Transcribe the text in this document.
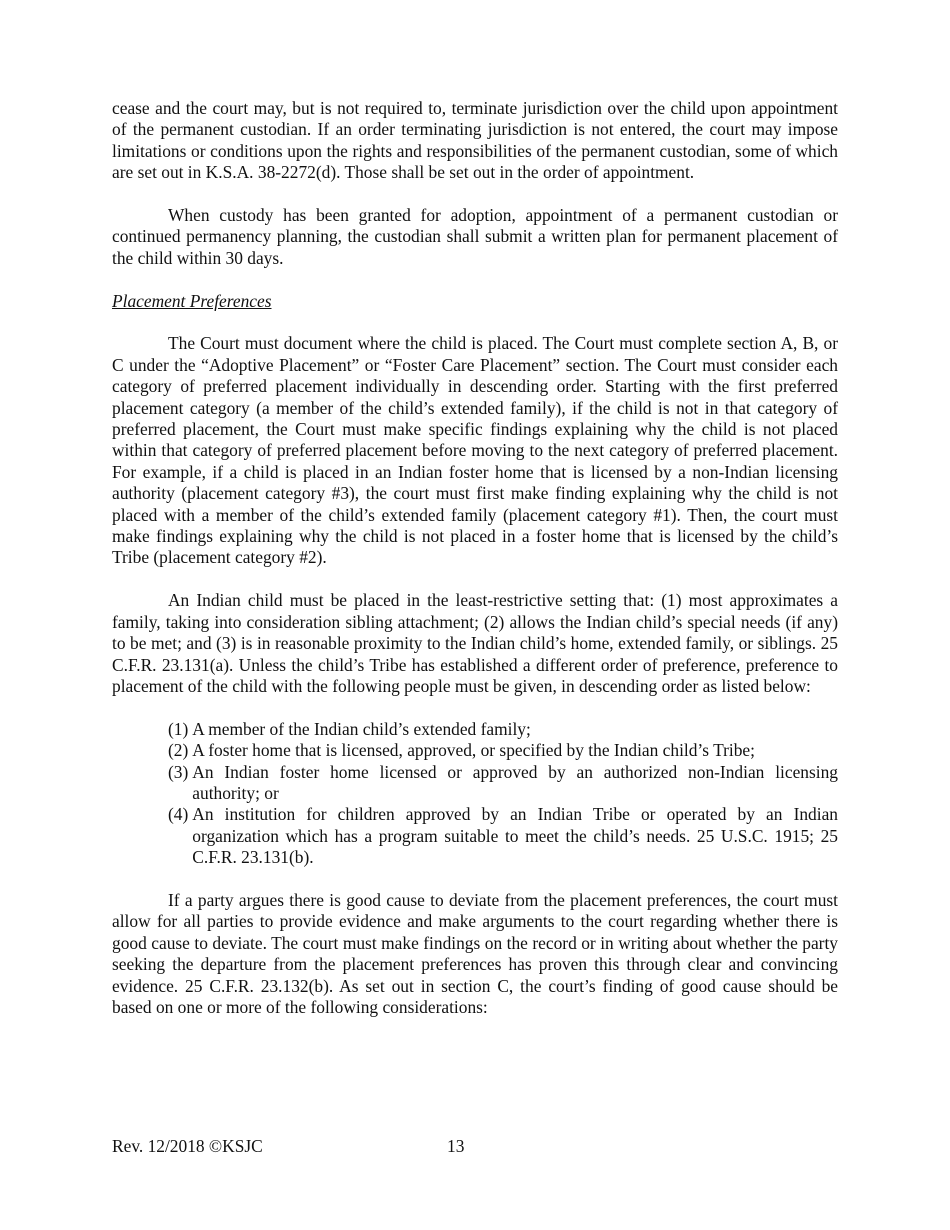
cease and the court may, but is not required to, terminate jurisdiction over the child upon appointment of the permanent custodian. If an order terminating jurisdiction is not entered, the court may impose limitations or conditions upon the rights and responsibilities of the permanent custodian, some of which are set out in K.S.A. 38-2272(d). Those shall be set out in the order of appointment.

When custody has been granted for adoption, appointment of a permanent custodian or continued permanency planning, the custodian shall submit a written plan for permanent placement of the child within 30 days.

Placement Preferences

The Court must document where the child is placed. The Court must complete section A, B, or C under the “Adoptive Placement” or “Foster Care Placement” section. The Court must consider each category of preferred placement individually in descending order. Starting with the first preferred placement category (a member of the child’s extended family), if the child is not in that category of preferred placement, the Court must make specific findings explaining why the child is not placed within that category of preferred placement before moving to the next category of preferred placement. For example, if a child is placed in an Indian foster home that is licensed by a non-Indian licensing authority (placement category #3), the court must first make finding explaining why the child is not placed with a member of the child’s extended family (placement category #1). Then, the court must make findings explaining why the child is not placed in a foster home that is licensed by the child’s Tribe (placement category #2).

An Indian child must be placed in the least-restrictive setting that: (1) most approximates a family, taking into consideration sibling attachment; (2) allows the Indian child’s special needs (if any) to be met; and (3) is in reasonable proximity to the Indian child’s home, extended family, or siblings. 25 C.F.R. 23.131(a). Unless the child’s Tribe has established a different order of preference, preference to placement of the child with the following people must be given, in descending order as listed below:

(1) A member of the Indian child’s extended family;
(2) A foster home that is licensed, approved, or specified by the Indian child’s Tribe;
(3) An Indian foster home licensed or approved by an authorized non-Indian licensing authority; or
(4) An institution for children approved by an Indian Tribe or operated by an Indian organization which has a program suitable to meet the child’s needs. 25 U.S.C. 1915; 25 C.F.R. 23.131(b).

If a party argues there is good cause to deviate from the placement preferences, the court must allow for all parties to provide evidence and make arguments to the court regarding whether there is good cause to deviate. The court must make findings on the record or in writing about whether the party seeking the departure from the placement preferences has proven this through clear and convincing evidence. 25 C.F.R. 23.132(b). As set out in section C, the court’s finding of good cause should be based on one or more of the following considerations:

Rev. 12/2018 ©KSJC	13
